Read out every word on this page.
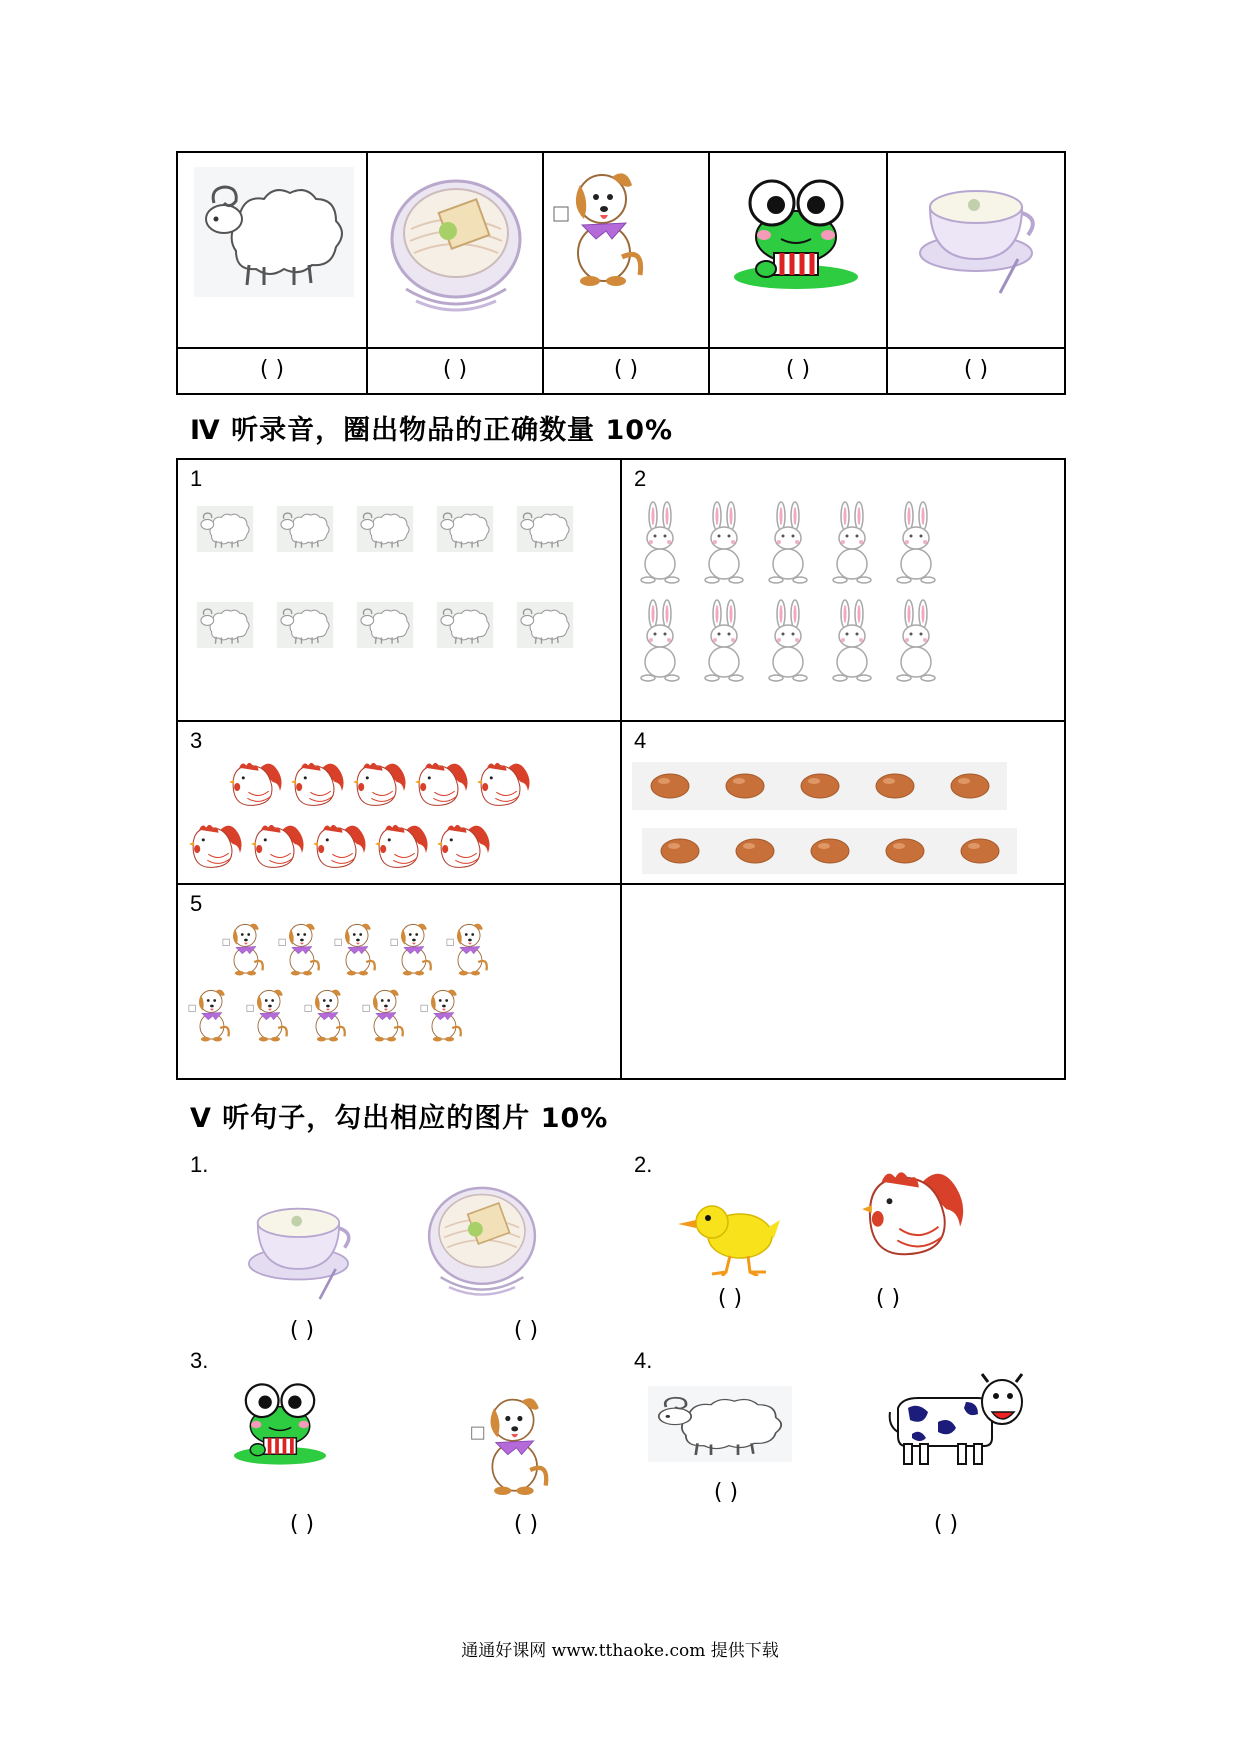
( )	( )	( )	( )	( )
Ⅳ 听录音，圈出物品的正确数量 10%
1	2

3	4

5	

Ⅴ 听句子，勾出相应的图片 10%
1.
( )	( )
2.
( )	( )
3.
( )	( )
4.
( )
( )
通通好课网 www.tthaoke.com 提供下载
